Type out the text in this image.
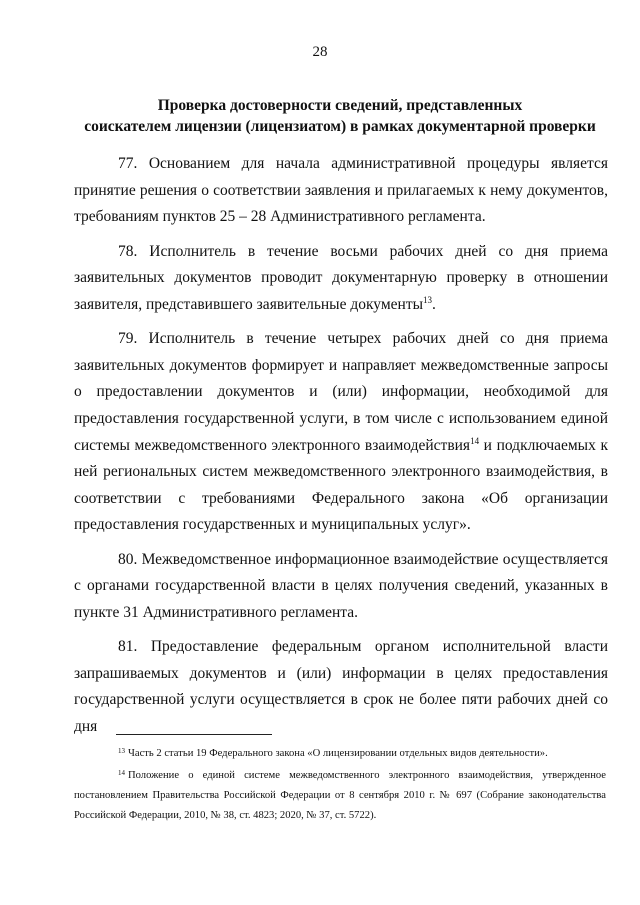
28
Проверка достоверности сведений, представленных
соискателем лицензии (лицензиатом) в рамках документарной проверки

77. Основанием для начала административной процедуры является принятие решения о соответствии заявления и прилагаемых к нему документов, требованиям пунктов 25 – 28 Административного регламента.

78. Исполнитель в течение восьми рабочих дней со дня приема заявительных документов проводит документарную проверку в отношении заявителя, представившего заявительные документы$^{13}$.

79. Исполнитель в течение четырех рабочих дней со дня приема заявительных документов формирует и направляет межведомственные запросы о предоставлении документов и (или) информации, необходимой для предоставления государственной услуги, в том числе с использованием единой системы межведомственного электронного взаимодействия$^{14}$ и подключаемых к ней региональных систем межведомственного электронного взаимодействия, в соответствии с требованиями Федерального закона «Об организации предоставления государственных и муниципальных услуг».

80. Межведомственное информационное взаимодействие осуществляется с органами государственной власти в целях получения сведений, указанных в пункте 31 Административного регламента.

81. Предоставление федеральным органом исполнительной власти запрашиваемых документов и (или) информации в целях предоставления государственной услуги осуществляется в срок не более пяти рабочих дней со дня

$^{13}$ Часть 2 статьи 19 Федерального закона «О лицензировании отдельных видов деятельности».

$^{14}$ Положение о единой системе межведомственного электронного взаимодействия, утвержденное постановлением Правительства Российской Федерации от 8 сентября 2010 г. № 697 (Собрание законодательства Российской Федерации, 2010, № 38, ст. 4823; 2020, № 37, ст. 5722).
